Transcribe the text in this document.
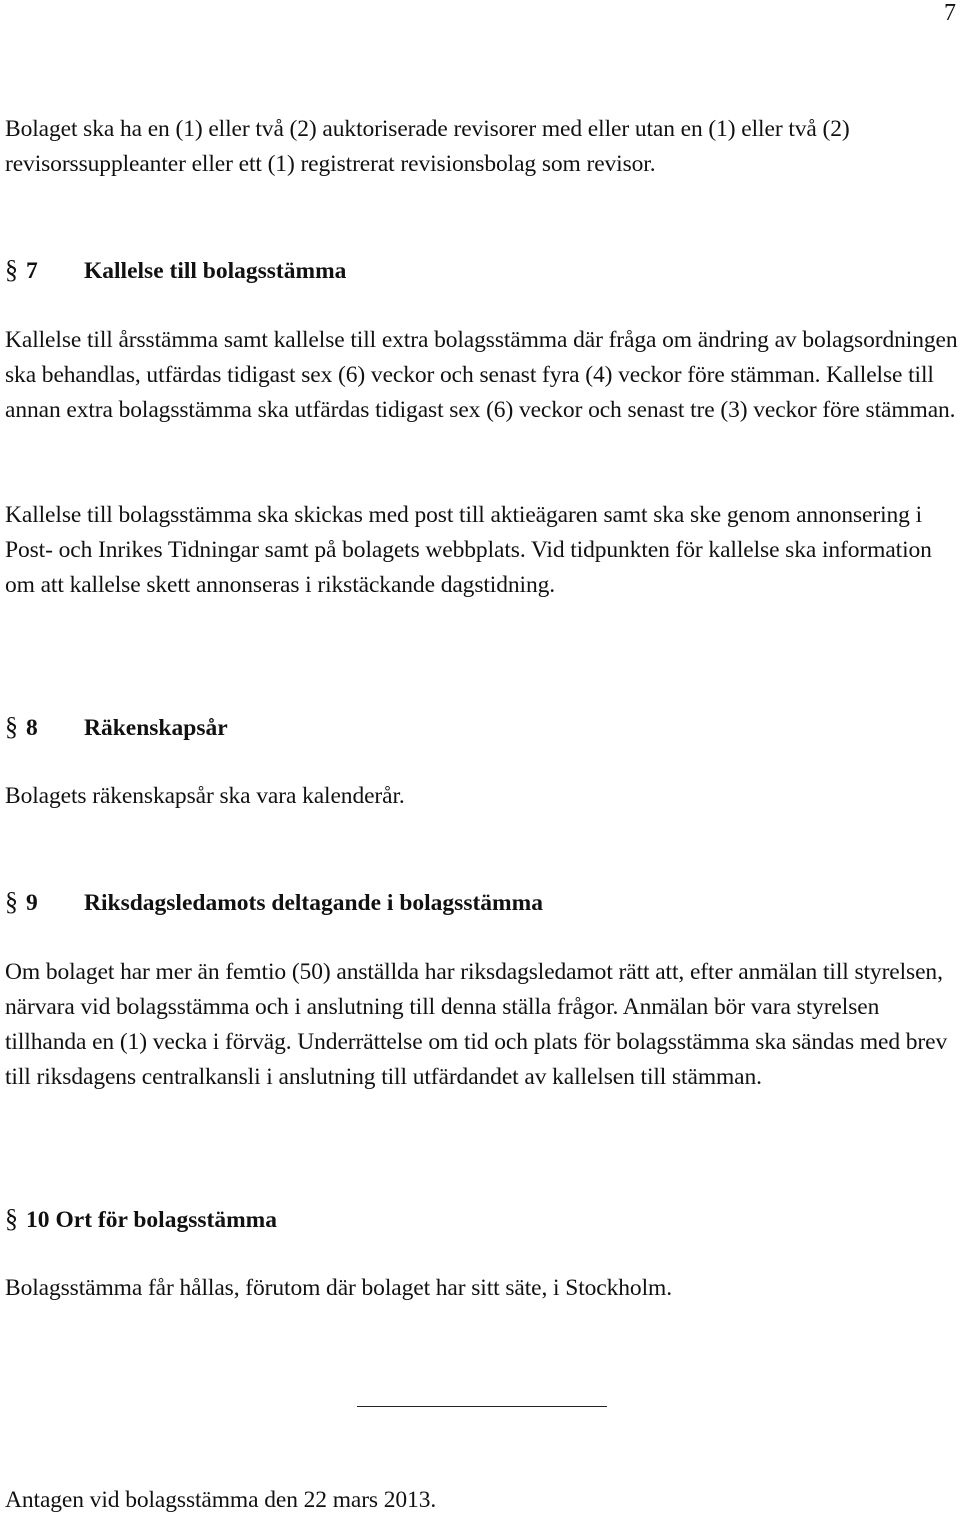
7

Bolaget ska ha en (1) eller två (2) auktoriserade revisorer med eller utan en (1) eller två (2) revisorssuppleanter eller ett (1) registrerat revisionsbolag som revisor.

§ 7 Kallelse till bolagsstämma

Kallelse till årsstämma samt kallelse till extra bolagsstämma där fråga om ändring av bolagsordningen ska behandlas, utfärdas tidigast sex (6) veckor och senast fyra (4) veckor före stämman. Kallelse till annan extra bolagsstämma ska utfärdas tidigast sex (6) veckor och senast tre (3) veckor före stämman.

Kallelse till bolagsstämma ska skickas med post till aktieägaren samt ska ske genom annonsering i Post- och Inrikes Tidningar samt på bolagets webbplats. Vid tidpunkten för kallelse ska information om att kallelse skett annonseras i rikstäckande dagstidning.

§ 8 Räkenskapsår

Bolagets räkenskapsår ska vara kalenderår.

§ 9 Riksdagsledamots deltagande i bolagsstämma

Om bolaget har mer än femtio (50) anställda har riksdagsledamot rätt att, efter anmälan till styrelsen, närvara vid bolagsstämma och i anslutning till denna ställa frågor. Anmälan bör vara styrelsen tillhanda en (1) vecka i förväg. Underrättelse om tid och plats för bolagsstämma ska sändas med brev till riksdagens centralkansli i anslutning till utfärdandet av kallelsen till stämman.

§ 10 Ort för bolagsstämma

Bolagsstämma får hållas, förutom där bolaget har sitt säte, i Stockholm.

Antagen vid bolagsstämma den 22 mars 2013.
